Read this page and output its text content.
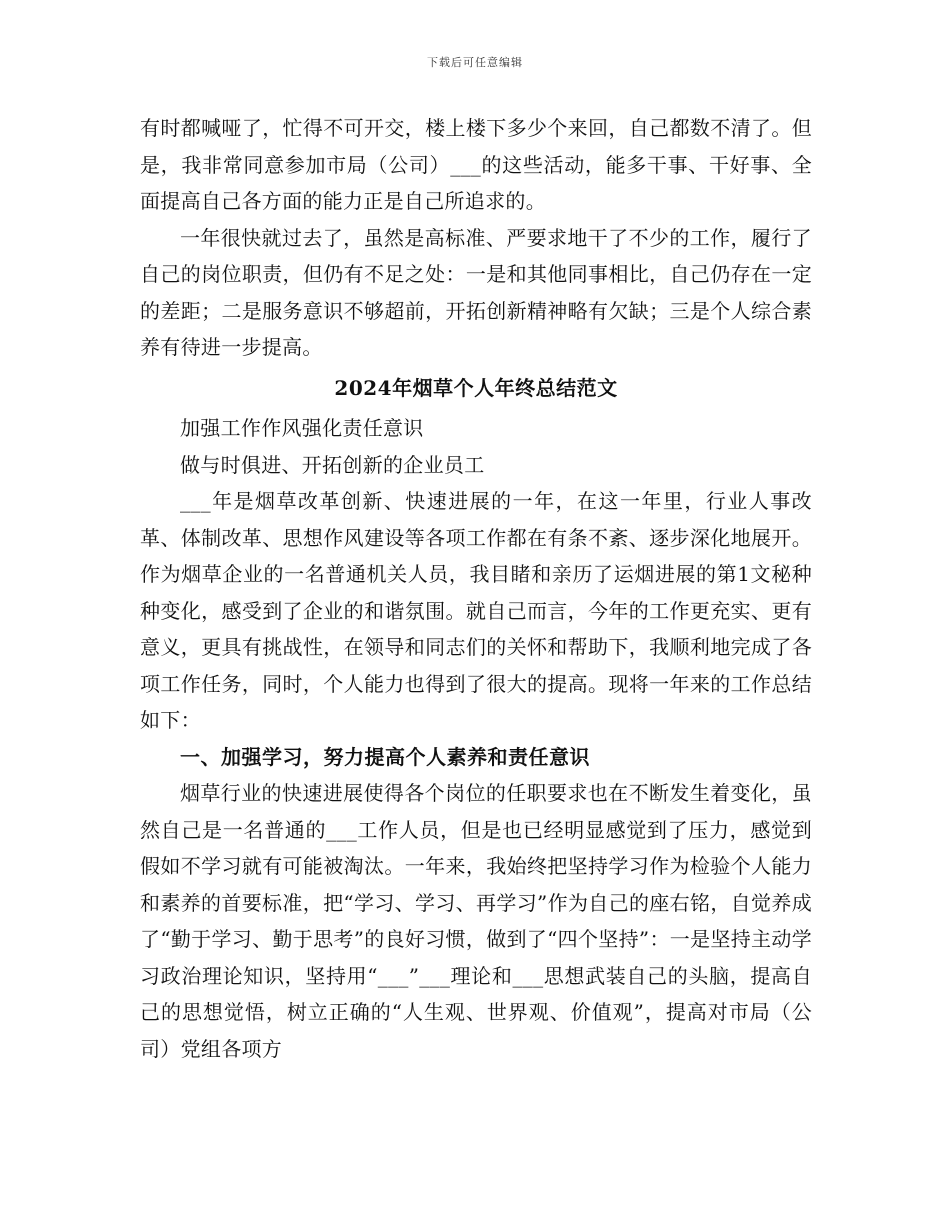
下载后可任意编辑

有时都喊哑了，忙得不可开交，楼上楼下多少个来回，自己都数不清了。但是，我非常同意参加市局（公司）___的这些活动，能多干事、干好事、全面提高自己各方面的能力正是自己所追求的。

一年很快就过去了，虽然是高标准、严要求地干了不少的工作，履行了自己的岗位职责，但仍有不足之处：一是和其他同事相比，自己仍存在一定的差距；二是服务意识不够超前，开拓创新精神略有欠缺；三是个人综合素养有待进一步提高。

2024年烟草个人年终总结范文

加强工作作风强化责任意识

做与时俱进、开拓创新的企业员工

___年是烟草改革创新、快速进展的一年，在这一年里，行业人事改革、体制改革、思想作风建设等各项工作都在有条不紊、逐步深化地展开。作为烟草企业的一名普通机关人员，我目睹和亲历了运烟进展的第1文秘种种变化，感受到了企业的和谐氛围。就自己而言，今年的工作更充实、更有意义，更具有挑战性，在领导和同志们的关怀和帮助下，我顺利地完成了各项工作任务，同时，个人能力也得到了很大的提高。现将一年来的工作总结如下：

一、加强学习，努力提高个人素养和责任意识

烟草行业的快速进展使得各个岗位的任职要求也在不断发生着变化，虽然自己是一名普通的___工作人员，但是也已经明显感觉到了压力，感觉到假如不学习就有可能被淘汰。一年来，我始终把坚持学习作为检验个人能力和素养的首要标准，把“学习、学习、再学习”作为自己的座右铭，自觉养成了“勤于学习、勤于思考”的良好习惯，做到了“四个坚持”：一是坚持主动学习政治理论知识，坚持用“___”___理论和___思想武装自己的头脑，提高自己的思想觉悟，树立正确的“人生观、世界观、价值观”，提高对市局（公司）党组各项方
